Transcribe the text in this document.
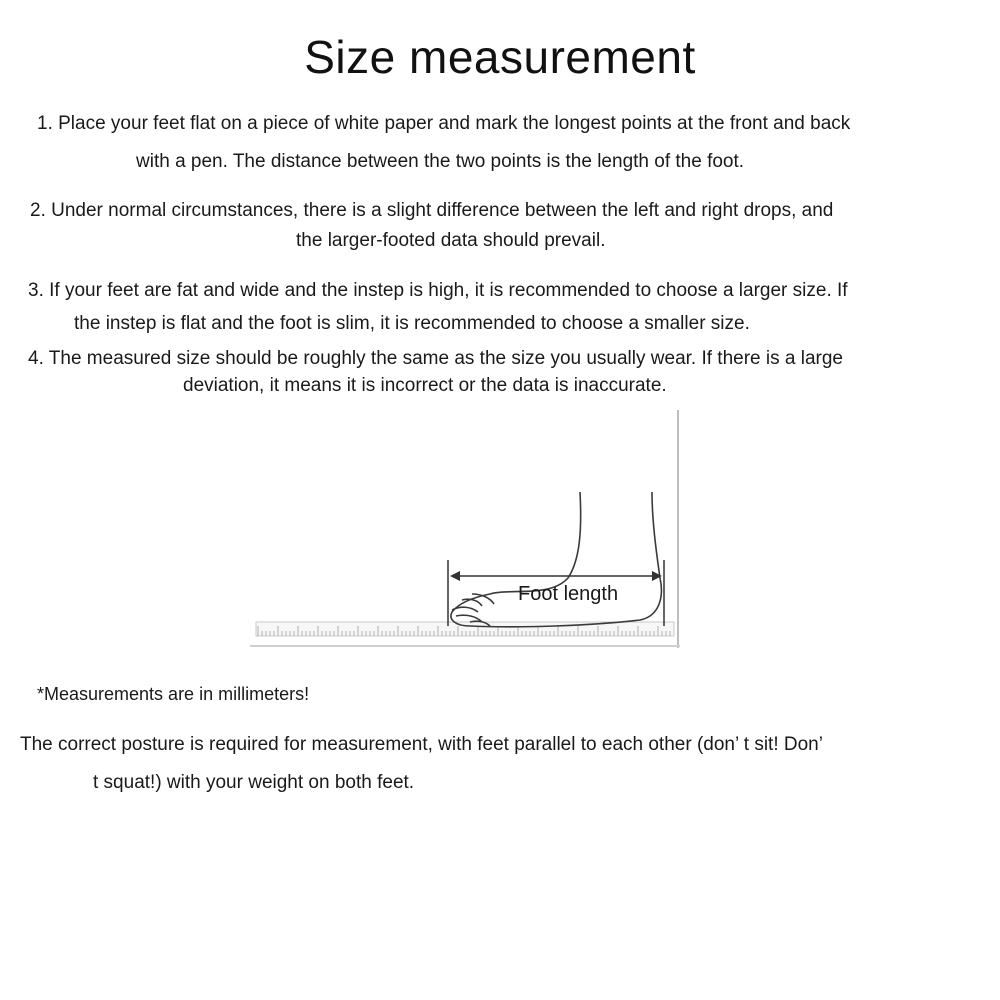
Size measurement
1. Place your feet flat on a piece of white paper and mark the longest points at the front and back
with a pen. The distance between the two points is the length of the foot.
2. Under normal circumstances, there is a slight difference between the left and right drops, and
the larger-footed data should prevail.
3. If your feet are fat and wide and the instep is high, it is recommended to choose a larger size. If
the instep is flat and the foot is slim, it is recommended to choose a smaller size.
4. The measured size should be roughly the same as the size you usually wear. If there is a large
deviation, it means it is incorrect or the data is inaccurate.
Foot length
*Measurements are in millimeters!
The correct posture is required for measurement, with feet parallel to each other (don’ t sit! Don’
t squat!) with your weight on both feet.
